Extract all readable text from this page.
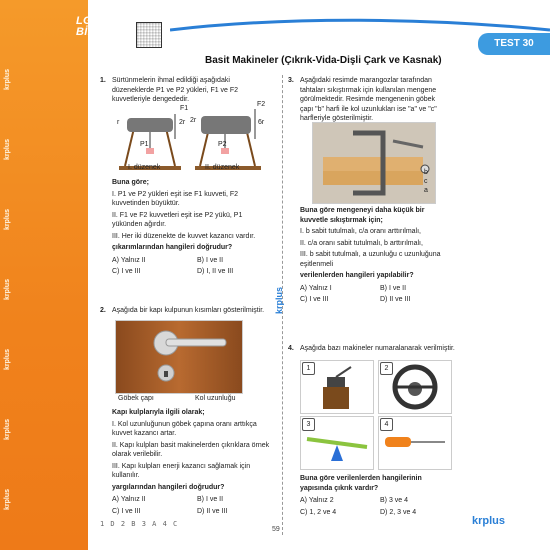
krplus
krplus
krplus
krplus
krplus
krplus
krplus
LGS FEN BİLİMLERİ
TEST 30
Basit Makineler (Çıkrık-Vida-Dişli Çark ve Kasnak)
krplus
1. Sürtünmelerin ihmal edildiği aşağıdaki düzeneklerde P1 ve P2 yükleri, F1 ve F2 kuvvetleriyle dengededir.

F1
F2
r	2r 2r	6r
P1	P2
I. düzenek	II. düzenek

Buna göre;

I. P1 ve P2 yükleri eşit ise F1 kuvveti, F2 kuvvetinden büyüktür.

II. F1 ve F2 kuvvetleri eşit ise P2 yükü, P1 yükünden ağırdır.

III. Her iki düzenekte de kuvvet kazancı vardır.

çıkarımlarından hangileri doğrudur?

A) Yalnız II	B) I ve II
C) I ve III	D) I, II ve III
2. Aşağıda bir kapı kulpunun kısımları gösterilmiştir.

Göbek çapı	Kol uzunluğu

Kapı kulplarıyla ilgili olarak;

I. Kol uzunluğunun göbek çapına oranı arttıkça kuvvet kazancı artar.

II. Kapı kulpları basit makinelerden çıkrıklara örnek olarak verilebilir.

III. Kapı kulpları enerji kazancı sağlamak için kullanılır.

yargılarından hangileri doğrudur?

A) Yalnız II	B) I ve II
C) I ve III	D) II ve III
3. Aşağıdaki resimde marangozlar tarafından tahtaları sıkıştırmak için kullanılan mengene görülmektedir. Resimde mengenenin göbek çapı "b" harfi ile kol uzunlukları ise "a" ve "c" harfleriyle gösterilmiştir.

b
c
a

Buna göre mengeneyi daha küçük bir kuvvetle sıkıştırmak için;

I. b sabit tutulmalı, c/a oranı arttırılmalı,

II. c/a oranı sabit tutulmalı, b arttırılmalı,

III. b sabit tutulmalı, a uzunluğu c uzunluğuna eşitlenmeli

verilenlerden hangileri yapılabilir?

A) Yalnız I	B) I ve II
C) I ve III	D) II ve III
4. Aşağıda bazı makineler numaralanarak verilmiştir.

1	2
3	4

Buna göre verilenlerden hangilerinin yapısında çıkrık vardır?

A) Yalnız 2	B) 3 ve 4
C) 1, 2 ve 4	D) 2, 3 ve 4
1 D 2 B 3 A 4 C
59
krplus
